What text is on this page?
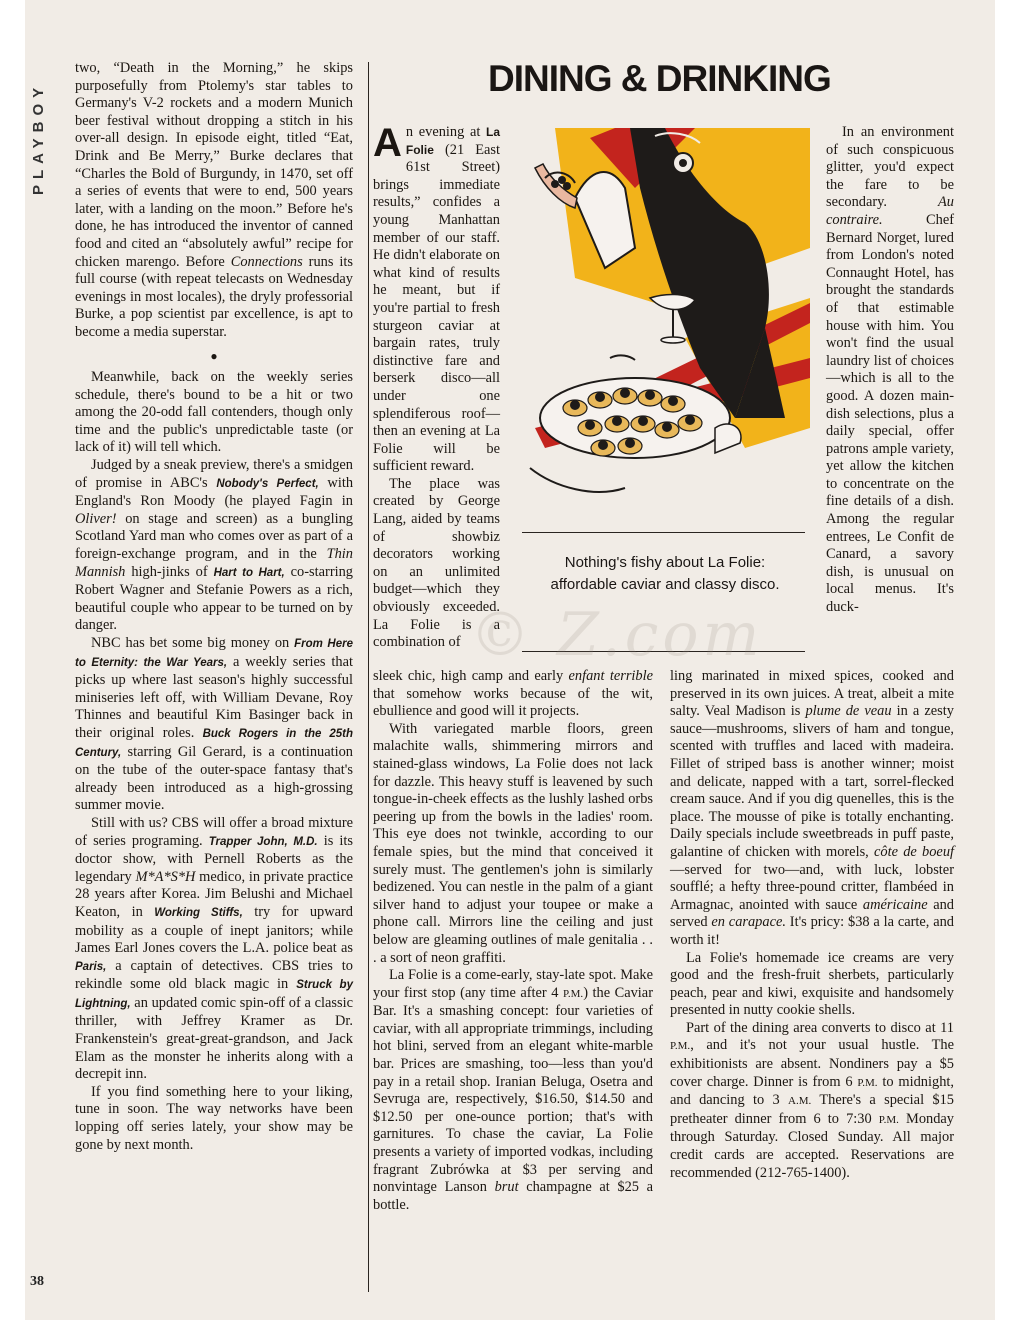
PLAYBOY
38

two, “Death in the Morning,” he skips purposefully from Ptolemy's star tables to Germany's V-2 rockets and a modern Munich beer festival without dropping a stitch in his over-all design. In episode eight, titled “Eat, Drink and Be Merry,” Burke declares that “Charles the Bold of Burgundy, in 1470, set off a series of events that were to end, 500 years later, with a landing on the moon.” Before he's done, he has introduced the inventor of canned food and cited an “absolutely awful” recipe for chicken marengo. Before Connections runs its full course (with repeat telecasts on Wednesday evenings in most locales), the dryly professorial Burke, a pop scientist par excellence, is apt to become a media superstar.

●

Meanwhile, back on the weekly series schedule, there's bound to be a hit or two among the 20-odd fall contenders, though only time and the public's unpredictable taste (or lack of it) will tell which.

Judged by a sneak preview, there's a smidgen of promise in ABC's Nobody's Perfect, with England's Ron Moody (he played Fagin in Oliver! on stage and screen) as a bungling Scotland Yard man who comes over as part of a foreign-exchange program, and in the Thin Mannish high-jinks of Hart to Hart, co-starring Robert Wagner and Stefanie Powers as a rich, beautiful couple who appear to be turned on by danger.

NBC has bet some big money on From Here to Eternity: the War Years, a weekly series that picks up where last season's highly successful miniseries left off, with William Devane, Roy Thinnes and beautiful Kim Basinger back in their original roles. Buck Rogers in the 25th Century, starring Gil Gerard, is a continuation on the tube of the outer-space fantasy that's already been introduced as a high-grossing summer movie.

Still with us? CBS will offer a broad mixture of series programing. Trapper John, M.D. is its doctor show, with Pernell Roberts as the legendary M*A*S*H medico, in private practice 28 years after Korea. Jim Belushi and Michael Keaton, in Working Stiffs, try for upward mobility as a couple of inept janitors; while James Earl Jones covers the L.A. police beat as Paris, a captain of detectives. CBS tries to rekindle some old black magic in Struck by Lightning, an updated comic spin-off of a classic thriller, with Jeffrey Kramer as Dr. Frankenstein's great-great-grandson, and Jack Elam as the monster he inherits along with a decrepit inn.

If you find something here to your liking, tune in soon. The way networks have been lopping off series lately, your show may be gone by next month.

DINING & DRINKING

An evening at La Folie (21 East 61st Street) brings immediate results,” confides a young Manhattan member of our staff. He didn't elaborate on what kind of results he meant, but if you're partial to fresh sturgeon caviar at bargain rates, truly distinctive fare and berserk disco—all under one splendiferous roof—then an evening at La Folie will be sufficient reward.

The place was created by George Lang, aided by teams of showbiz decorators working on an unlimited budget—which they obviously exceeded. La Folie is a combination of

Nothing's fishy about La Folie: affordable caviar and classy disco.

In an environment of such conspicuous glitter, you'd expect the fare to be secondary. Au contraire. Chef Bernard Norget, lured from London's noted Connaught Hotel, has brought the standards of that estimable house with him. You won't find the usual laundry list of choices—which is all to the good. A dozen main-dish selections, plus a daily special, offer patrons ample variety, yet allow the kitchen to concentrate on the fine details of a dish. Among the regular entrees, Le Confit de Canard, a savory dish, is unusual on local menus. It's duck-

sleek chic, high camp and early enfant terrible that somehow works because of the wit, ebullience and good will it projects.

With variegated marble floors, green malachite walls, shimmering mirrors and stained-glass windows, La Folie does not lack for dazzle. This heavy stuff is leavened by such tongue-in-cheek effects as the lushly lashed orbs peering up from the bowls in the ladies' room. This eye does not twinkle, according to our female spies, but the mind that conceived it surely must. The gentlemen's john is similarly bedizened. You can nestle in the palm of a giant silver hand to adjust your toupee or make a phone call. Mirrors line the ceiling and just below are gleaming outlines of male genitalia . . . a sort of neon graffiti.

La Folie is a come-early, stay-late spot. Make your first stop (any time after 4 P.M.) the Caviar Bar. It's a smashing concept: four varieties of caviar, with all appropriate trimmings, including hot blini, served from an elegant white-marble bar. Prices are smashing, too—less than you'd pay in a retail shop. Iranian Beluga, Osetra and Sevruga are, respectively, $16.50, $14.50 and $12.50 per one-ounce portion; that's with garnitures. To chase the caviar, La Folie presents a variety of imported vodkas, including fragrant Zubrówka at $3 per serving and nonvintage Lanson brut champagne at $25 a bottle.

ling marinated in mixed spices, cooked and preserved in its own juices. A treat, albeit a mite salty. Veal Madison is plume de veau in a zesty sauce—mushrooms, slivers of ham and tongue, scented with truffles and laced with madeira. Fillet of striped bass is another winner; moist and delicate, napped with a tart, sorrel-flecked cream sauce. And if you dig quenelles, this is the place. The mousse of pike is totally enchanting. Daily specials include sweetbreads in puff paste, galantine of chicken with morels, côte de boeuf—served for two—and, with luck, lobster soufflé; a hefty three-pound critter, flambéed in Armagnac, anointed with sauce américaine and served en carapace. It's pricy: $38 a la carte, and worth it!

La Folie's homemade ice creams are very good and the fresh-fruit sherbets, particularly peach, pear and kiwi, exquisite and handsomely presented in nutty cookie shells.

Part of the dining area converts to disco at 11 P.M., and it's not your usual hustle. The exhibitionists are absent. Nondiners pay a $5 cover charge. Dinner is from 6 P.M. to midnight, and dancing to 3 A.M. There's a special $15 pretheater dinner from 6 to 7:30 P.M. Monday through Saturday. Closed Sunday. All major credit cards are accepted. Reservations are recommended (212-765-1400).
